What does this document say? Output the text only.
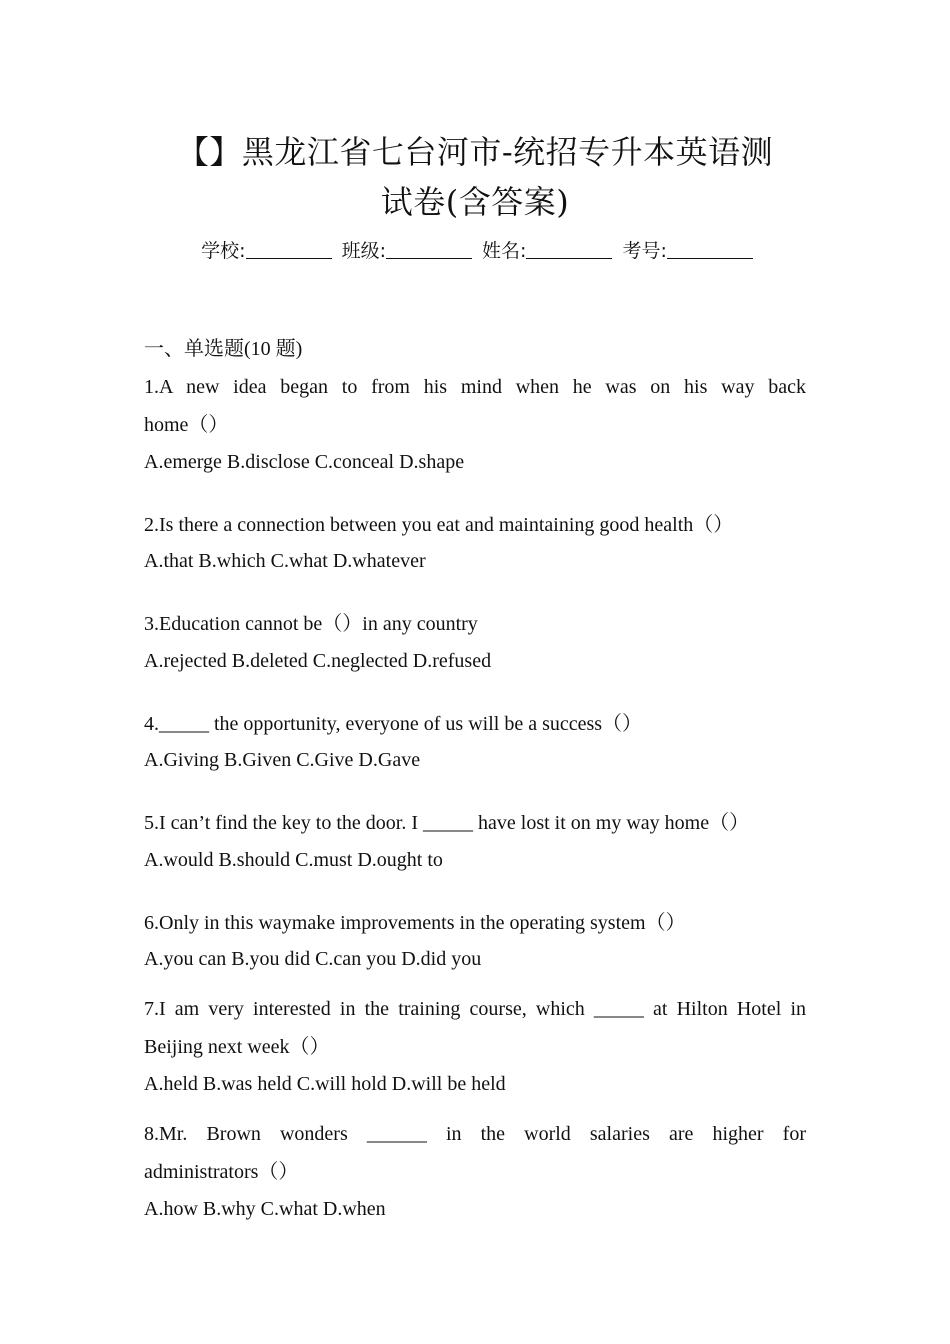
【】黑龙江省七台河市-统招专升本英语测
试卷(含答案)
学校:	班级:	姓名:	考号:
一、单选题(10 题)
1.A new idea began to from his mind when he was on his way back
home（）
A.emerge B.disclose C.conceal D.shape
2.Is there a connection between you eat and maintaining good health（）
A.that B.which C.what D.whatever
3.Education cannot be（）in any country
A.rejected B.deleted C.neglected D.refused
4._____ the opportunity, everyone of us will be a success（）
A.Giving B.Given C.Give D.Gave
5.I can’t find the key to the door. I _____ have lost it on my way home（）
A.would B.should C.must D.ought to
6.Only in this waymake improvements in the operating system（）
A.you can B.you did C.can you D.did you
7.I am very interested in the training course, which _____ at Hilton Hotel in
Beijing next week（）
A.held B.was held C.will hold D.will be held
8.Mr. Brown wonders ______ in the world salaries are higher for
administrators（）
A.how B.why C.what D.when
